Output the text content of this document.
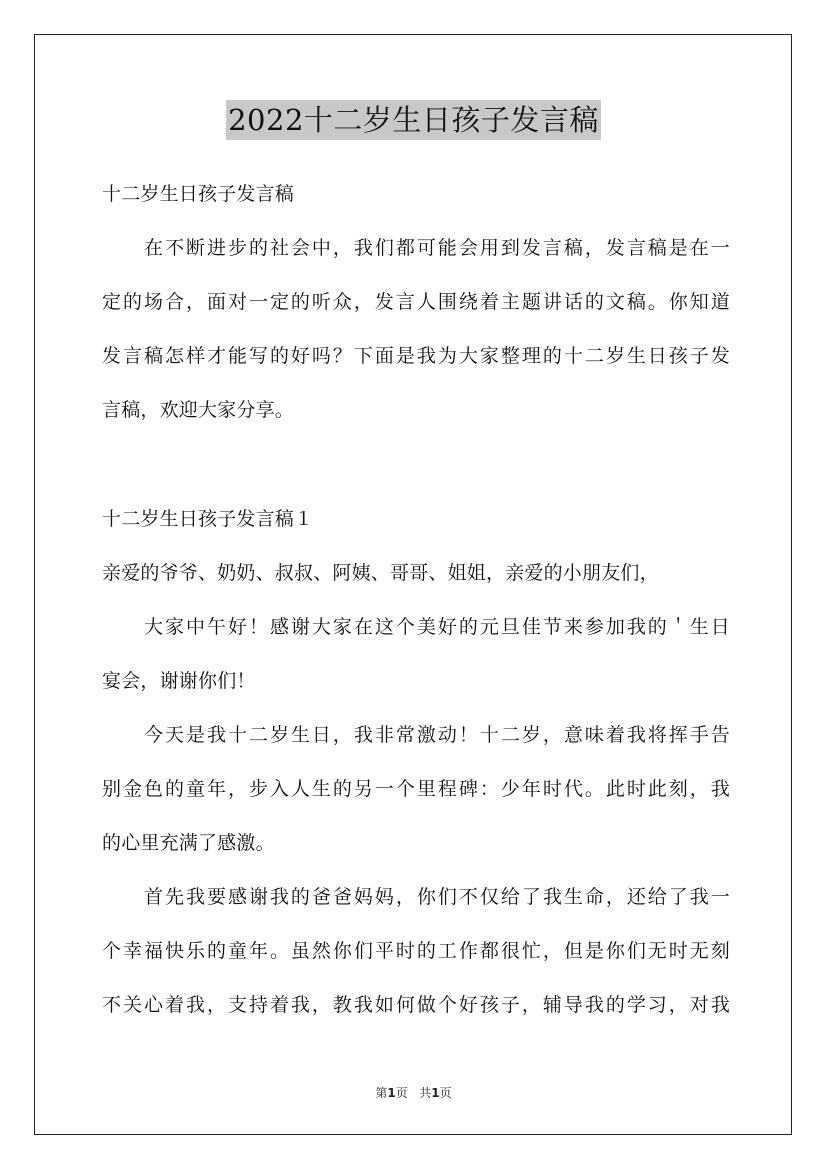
2022十二岁生日孩子发言稿
十二岁生日孩子发言稿
　　在不断进步的社会中，我们都可能会用到发言稿，发言稿是在一
定的场合，面对一定的听众，发言人围绕着主题讲话的文稿。你知道
发言稿怎样才能写的好吗？下面是我为大家整理的十二岁生日孩子发
言稿，欢迎大家分享。
十二岁生日孩子发言稿１
亲爱的爷爷、奶奶、叔叔、阿姨、哥哥、姐姐，亲爱的小朋友们，
　　大家中午好！感谢大家在这个美好的元旦佳节来参加我的＇生日
宴会，谢谢你们！
　　今天是我十二岁生日，我非常激动！十二岁，意味着我将挥手告
别金色的童年，步入人生的另一个里程碑：少年时代。此时此刻，我
的心里充满了感激。
　　首先我要感谢我的爸爸妈妈，你们不仅给了我生命，还给了我一
个幸福快乐的童年。虽然你们平时的工作都很忙，但是你们无时无刻
不关心着我，支持着我，教我如何做个好孩子，辅导我的学习，对我
第1页 共1页
